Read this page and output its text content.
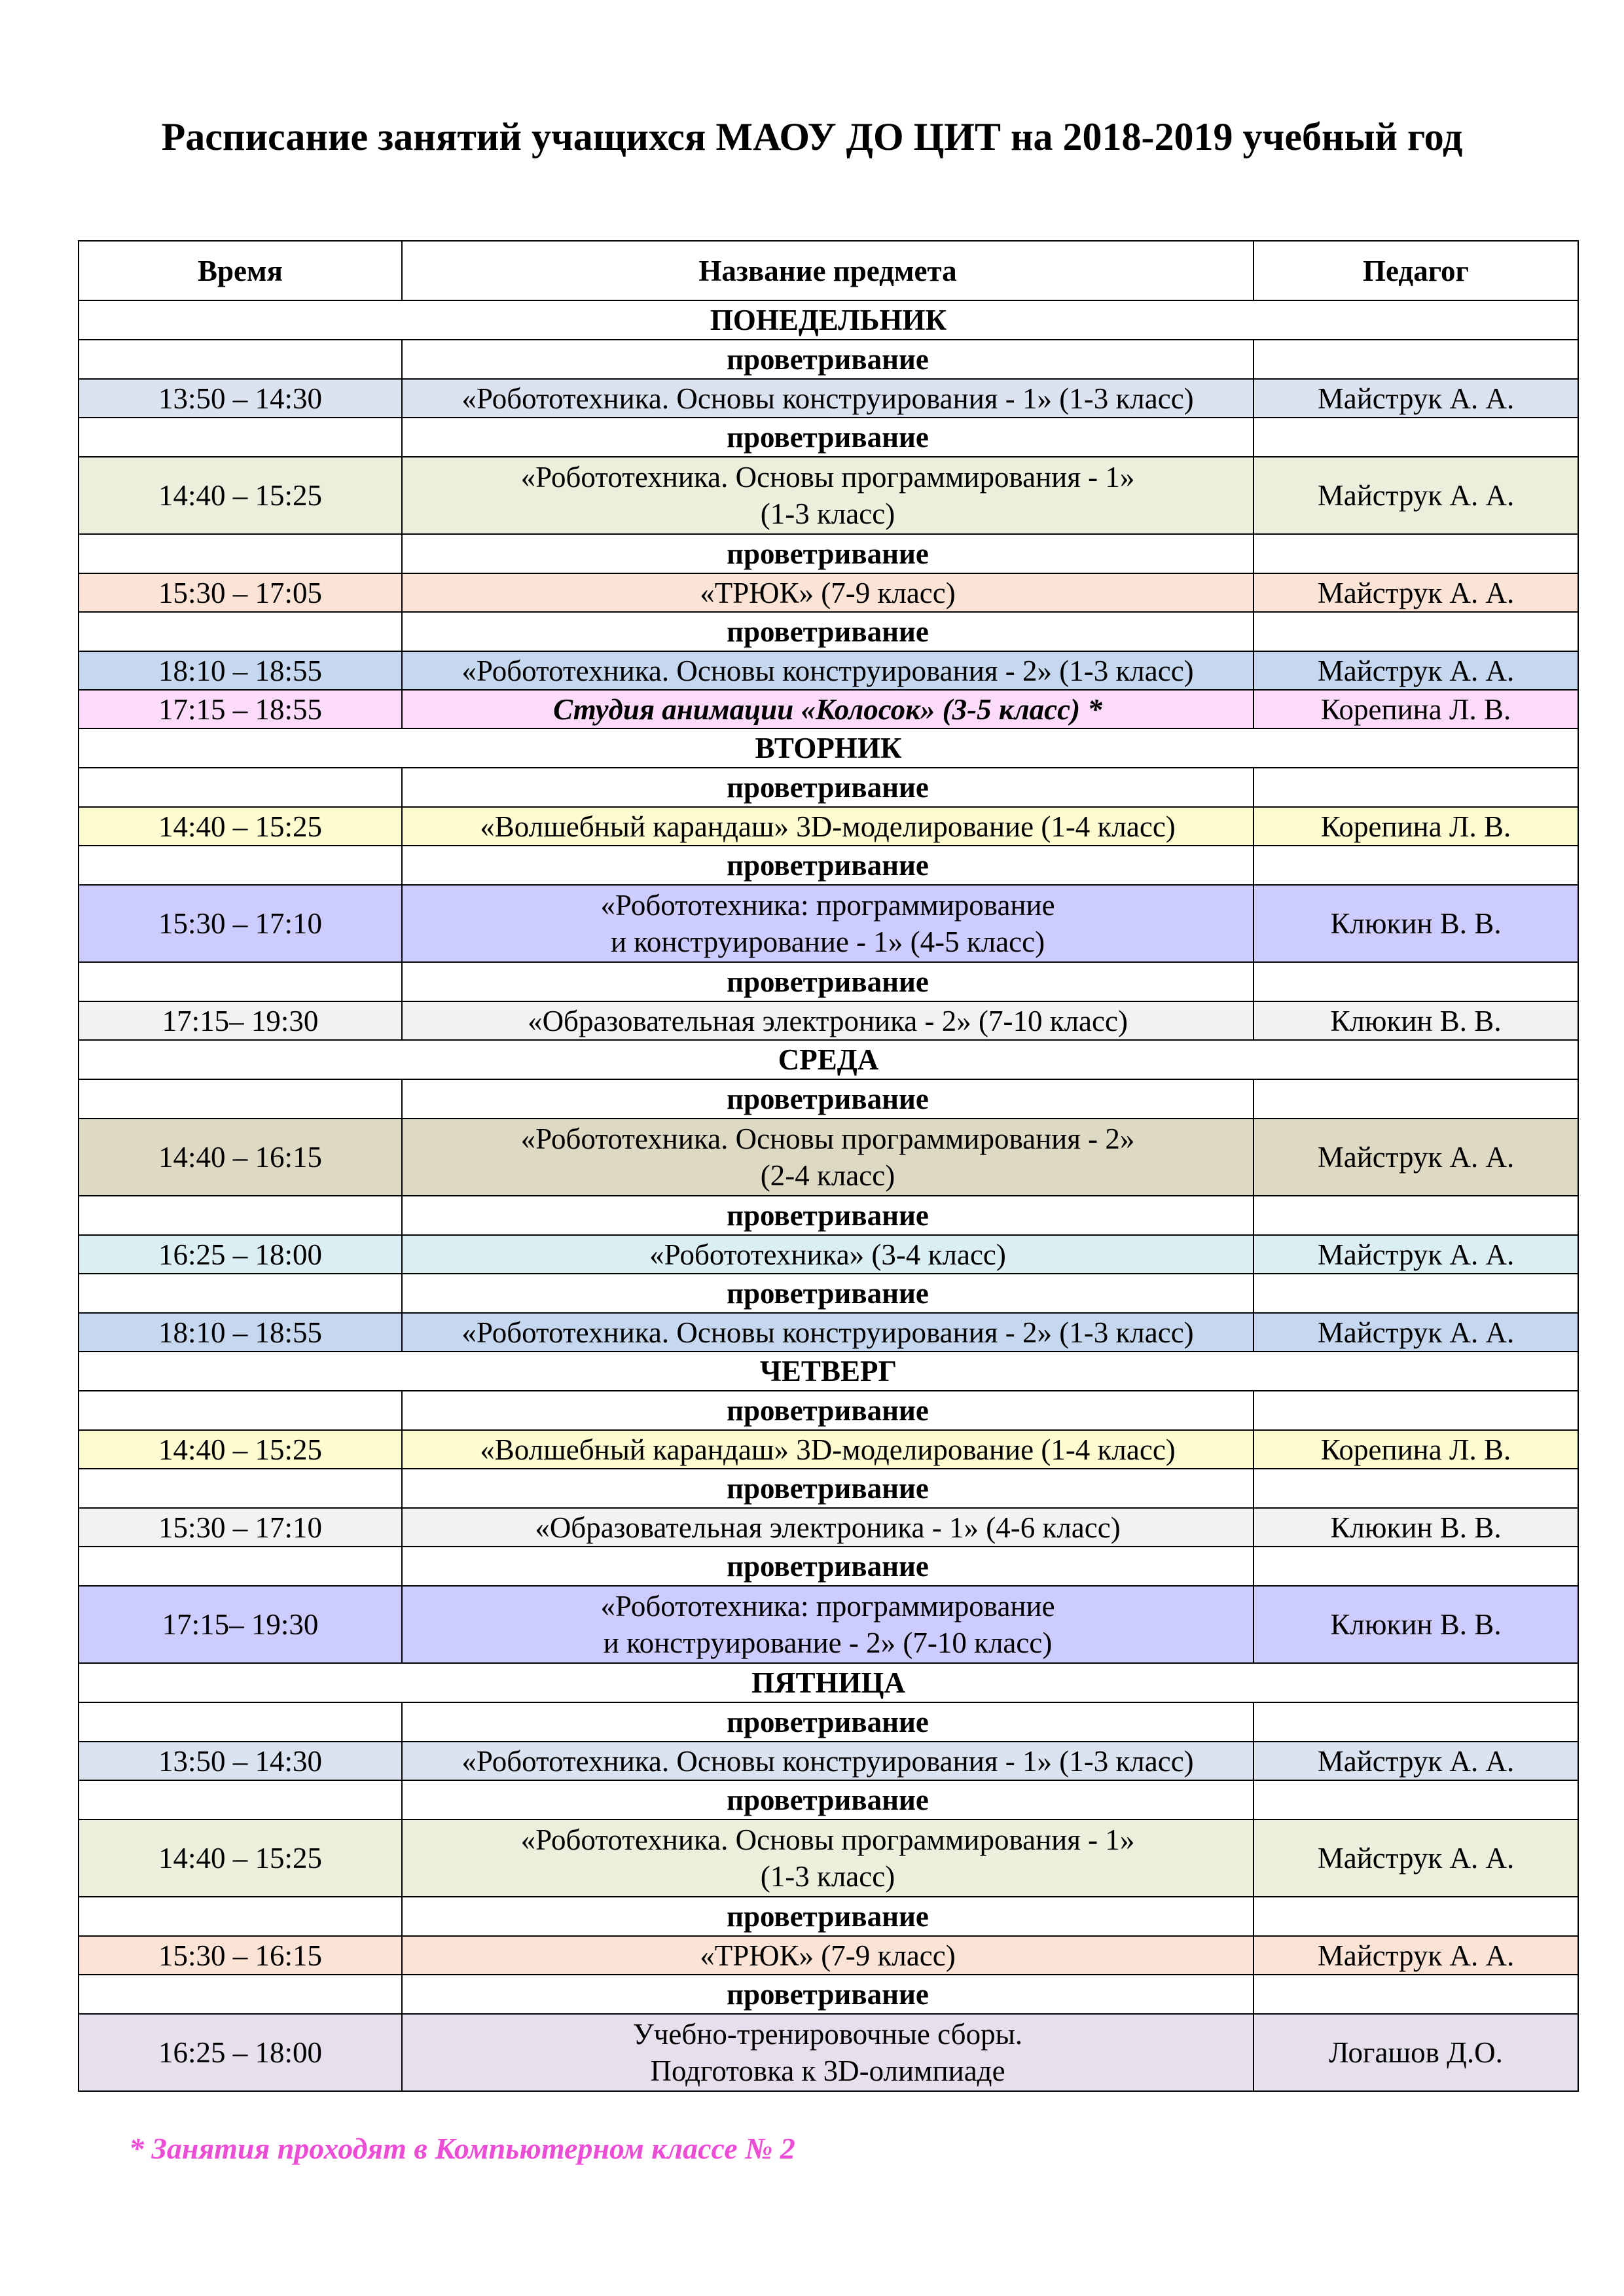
Расписание занятий учащихся МАОУ ДО ЦИТ на 2018-2019 учебный год
Время	Название предмета	Педагог
ПОНЕДЕЛЬНИК		
	проветривание	
13:50 – 14:30	«Робототехника. Основы конструирования - 1» (1-3 класс)	Майструк А. А.
	проветривание	
14:40 – 15:25	«Робототехника. Основы программирования - 1»
(1-3 класс)	Майструк А. А.
	проветривание	
15:30 – 17:05	«ТРЮК» (7-9 класс)	Майструк А. А.
	проветривание	
18:10 – 18:55	«Робототехника. Основы конструирования - 2» (1-3 класс)	Майструк А. А.
17:15 – 18:55	Студия анимации «Колосок» (3-5 класс) *	Корепина Л. В.
ВТОРНИК		
	проветривание	
14:40 – 15:25	«Волшебный карандаш» 3D-моделирование (1-4 класс)	Корепина Л. В.
	проветривание	
15:30 – 17:10	«Робототехника: программирование
и конструирование - 1» (4-5 класс)	Клюкин В. В.
	проветривание	
17:15– 19:30	«Образовательная электроника - 2» (7-10 класс)	Клюкин В. В.
СРЕДА		
	проветривание	
14:40 – 16:15	«Робототехника. Основы программирования - 2»
(2-4 класс)	Майструк А. А.
	проветривание	
16:25 – 18:00	«Робототехника» (3-4 класс)	Майструк А. А.
	проветривание	
18:10 – 18:55	«Робототехника. Основы конструирования - 2» (1-3 класс)	Майструк А. А.
ЧЕТВЕРГ		
	проветривание	
14:40 – 15:25	«Волшебный карандаш» 3D-моделирование (1-4 класс)	Корепина Л. В.
	проветривание	
15:30 – 17:10	«Образовательная электроника - 1» (4-6 класс)	Клюкин В. В.
	проветривание	
17:15– 19:30	«Робототехника: программирование
и конструирование - 2» (7-10 класс)	Клюкин В. В.
ПЯТНИЦА		
	проветривание	
13:50 – 14:30	«Робототехника. Основы конструирования - 1» (1-3 класс)	Майструк А. А.
	проветривание	
14:40 – 15:25	«Робототехника. Основы программирования - 1»
(1-3 класс)	Майструк А. А.
	проветривание	
15:30 – 16:15	«ТРЮК» (7-9 класс)	Майструк А. А.
	проветривание	
16:25 – 18:00	Учебно-тренировочные сборы.
Подготовка к 3D-олимпиаде	Логашов Д.О.
* Занятия проходят в Компьютерном классе № 2
